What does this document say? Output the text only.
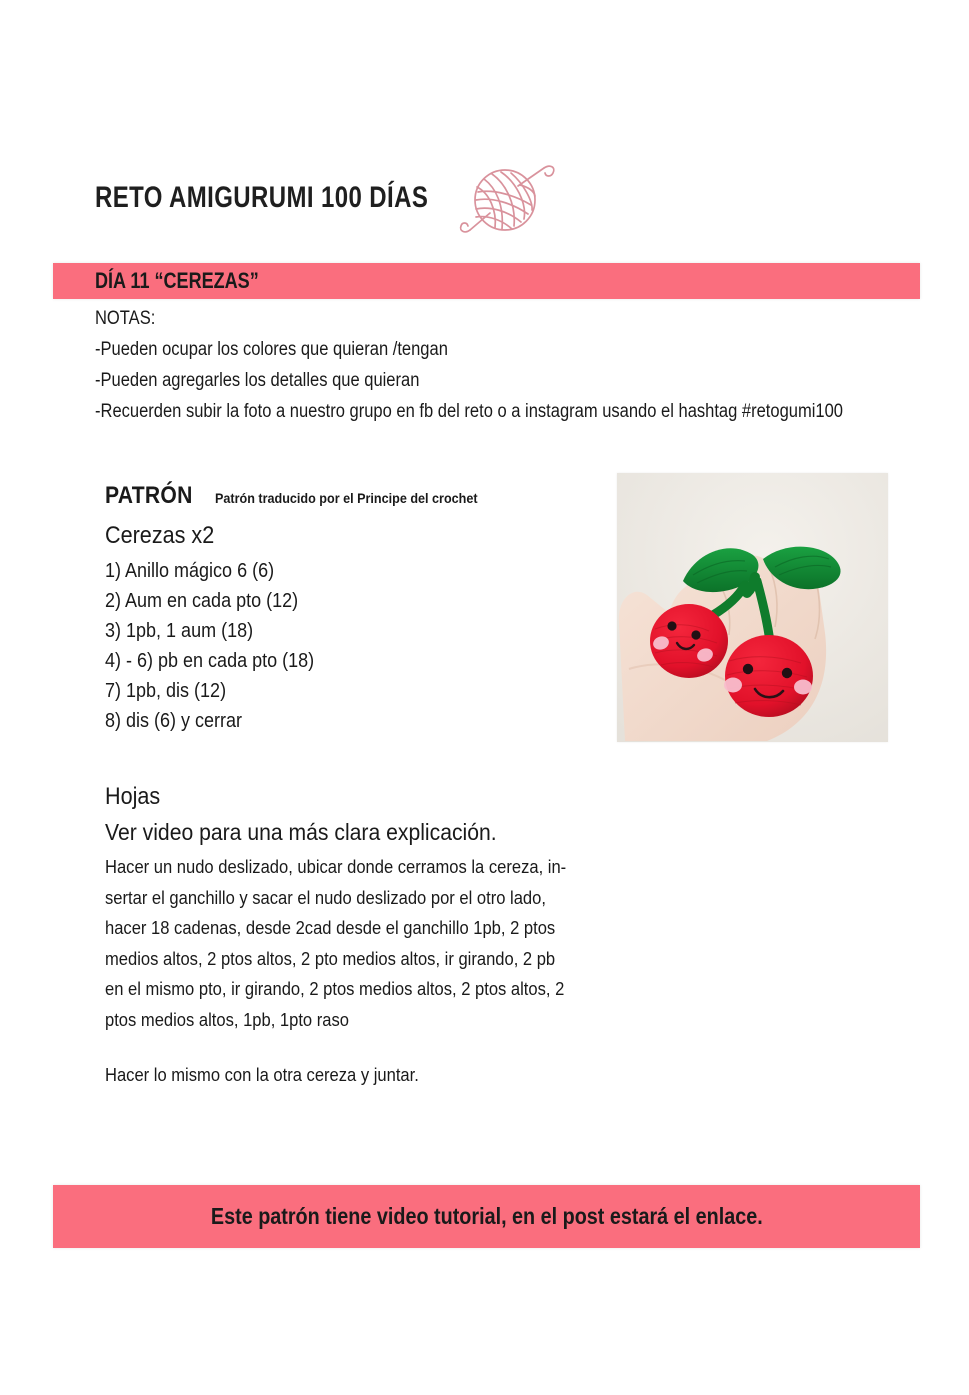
RETO AMIGURUMI 100 DÍAS
DÍA 11 “CEREZAS”
NOTAS:
-Pueden ocupar los colores que quieran /tengan
-Pueden agregarles los detalles que quieran
-Recuerden subir la foto a nuestro grupo en fb del reto o a instagram usando el hashtag #retogumi100
PATRÓN Patrón traducido por el Principe del crochet
Cerezas x2
1) Anillo mágico 6 (6)
2) Aum en cada pto (12)
3) 1pb, 1 aum (18)
4) - 6) pb en cada pto (18)
7) 1pb, dis (12)
8) dis (6) y cerrar
Hojas
Ver video para una más clara explicación.
Hacer un nudo deslizado, ubicar donde cerramos la cereza, in-
sertar el ganchillo y sacar el nudo deslizado por el otro lado,
hacer 18 cadenas, desde 2cad desde el ganchillo 1pb, 2 ptos
medios altos, 2 ptos altos, 2 pto medios altos, ir girando, 2 pb
en el mismo pto, ir girando, 2 ptos medios altos, 2 ptos altos, 2
ptos medios altos, 1pb, 1pto raso
Hacer lo mismo con la otra cereza y juntar.
Este patrón tiene video tutorial, en el post estará el enlace.
